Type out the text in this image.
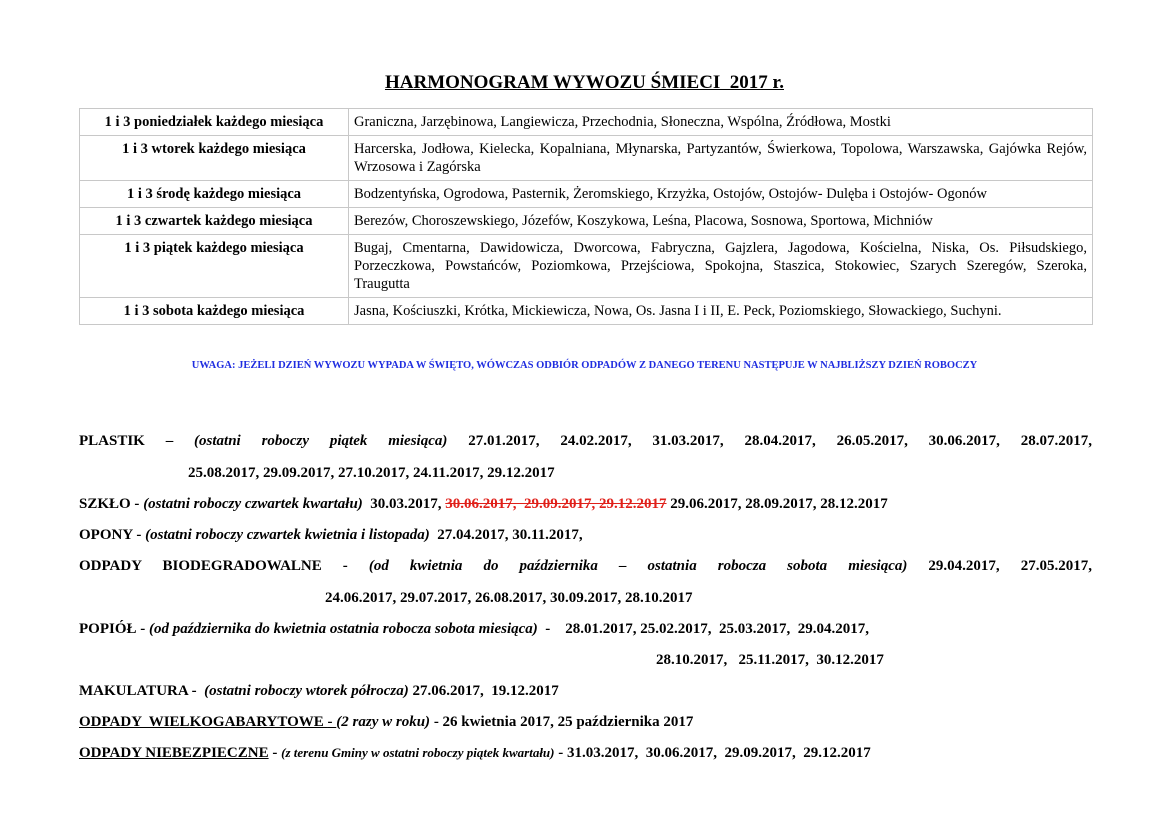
HARMONOGRAM WYWOZU ŚMIECI  2017 r.
1 i 3 poniedziałek każdego miesiąca	Graniczna, Jarzębinowa, Langiewicza, Przechodnia, Słoneczna, Wspólna, Źródłowa, Mostki
1 i 3 wtorek każdego miesiąca	Harcerska, Jodłowa, Kielecka, Kopalniana, Młynarska, Partyzantów, Świerkowa, Topolowa, Warszawska, Gajówka Rejów, Wrzosowa i Zagórska
1 i 3 środę każdego miesiąca	Bodzentyńska, Ogrodowa, Pasternik, Żeromskiego, Krzyżka, Ostojów, Ostojów- Dulęba i Ostojów- Ogonów
1 i 3 czwartek każdego miesiąca	Berezów, Choroszewskiego, Józefów, Koszykowa, Leśna, Placowa, Sosnowa, Sportowa, Michniów
1 i 3 piątek każdego miesiąca	Bugaj, Cmentarna, Dawidowicza, Dworcowa, Fabryczna, Gajzlera, Jagodowa, Kościelna, Niska, Os. Piłsudskiego, Porzeczkowa, Powstańców, Poziomkowa, Przejściowa, Spokojna, Staszica, Stokowiec, Szarych Szeregów, Szeroka, Traugutta
1 i 3 sobota każdego miesiąca	Jasna, Kościuszki, Krótka, Mickiewicza, Nowa, Os. Jasna I i II, E. Peck, Poziomskiego, Słowackiego, Suchyni.
UWAGA: JEŻELI DZIEŃ WYWOZU WYPADA W ŚWIĘTO, WÓWCZAS ODBIÓR ODPADÓW Z DANEGO TERENU NASTĘPUJE W NAJBLIŻSZY DZIEŃ ROBOCZY
PLASTIK – (ostatni roboczy piątek miesiąca) 27.01.2017, 24.02.2017, 31.03.2017, 28.04.2017, 26.05.2017, 30.06.2017, 28.07.2017,
25.08.2017, 29.09.2017, 27.10.2017, 24.11.2017, 29.12.2017
SZKŁO - (ostatni roboczy czwartek kwartału)  30.03.2017, 30.06.2017,  29.09.2017, 29.12.2017 29.06.2017, 28.09.2017, 28.12.2017
OPONY - (ostatni roboczy czwartek kwietnia i listopada)  27.04.2017, 30.11.2017,
ODPADY BIODEGRADOWALNE - (od kwietnia do października – ostatnia robocza sobota miesiąca) 29.04.2017, 27.05.2017,
24.06.2017, 29.07.2017, 26.08.2017, 30.09.2017, 28.10.2017
POPIÓŁ - (od października do kwietnia ostatnia robocza sobota miesiąca)  -    28.01.2017, 25.02.2017,  25.03.2017,  29.04.2017,
28.10.2017,   25.11.2017,  30.12.2017
MAKULATURA -  (ostatni roboczy wtorek półrocza) 27.06.2017,  19.12.2017
ODPADY  WIELKOGABARYTOWE - (2 razy w roku) - 26 kwietnia 2017, 25 października 2017
ODPADY NIEBEZPIECZNE - (z terenu Gminy w ostatni roboczy piątek kwartału) - 31.03.2017,  30.06.2017,  29.09.2017,  29.12.2017
